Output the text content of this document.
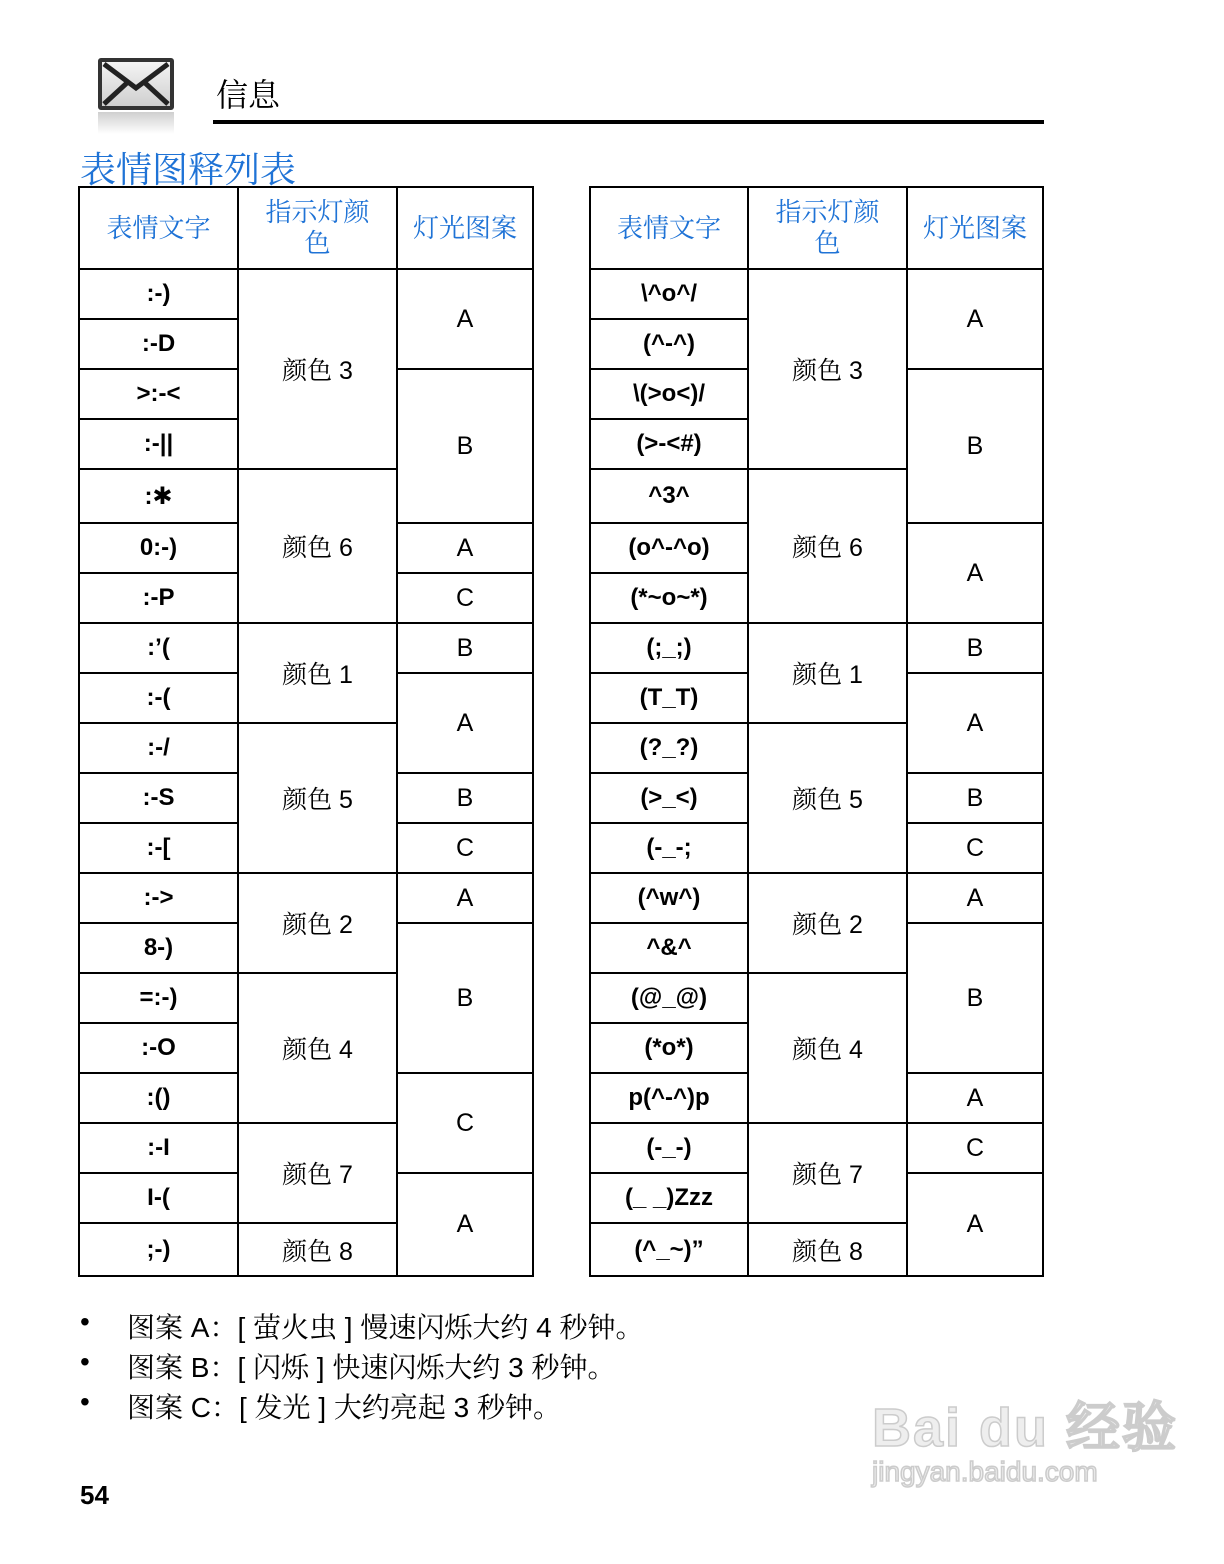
信息
表情图释列表
表情文字	指示灯颜色	灯光图案
:-)	颜色 3	A
:-D		
>:-<		B
:-||		
:✱	颜色 6	
0:-)		A
:-P		C
:’(	颜色 1	B
:-(		A
:-/	颜色 5	
:-S		B
:-[		C
:->	颜色 2	A
8-)		B
=:-)	颜色 4	
:-O		
:()		C
:-I	颜色 7	
I-(		A
;-)	颜色 8	
表情文字	指示灯颜色	灯光图案
\^o^/	颜色 3	A
(^-^)		
\(>o<)/		B
(>-<#)		
^3^	颜色 6	
(o^-^o)		A
(*~o~*)		
(;_;)	颜色 1	B
(T_T)		A
(?_?)	颜色 5	
(>_<)		B
(-_-;		C
(^w^)	颜色 2	A
^&^		B
(@_@)	颜色 4	
(*o*)		
p(^-^)p		A
(-_-)	颜色 7	C
(_ _)Zzz		A
(^_~)”	颜色 8	
• 图案 A：[ 萤火虫 ] 慢速闪烁大约 4 秒钟。
• 图案 B：[ 闪烁 ] 快速闪烁大约 3 秒钟。
• 图案 C：[ 发光 ] 大约亮起 3 秒钟。
54
Bai du 经验
jingyan.baidu.com
